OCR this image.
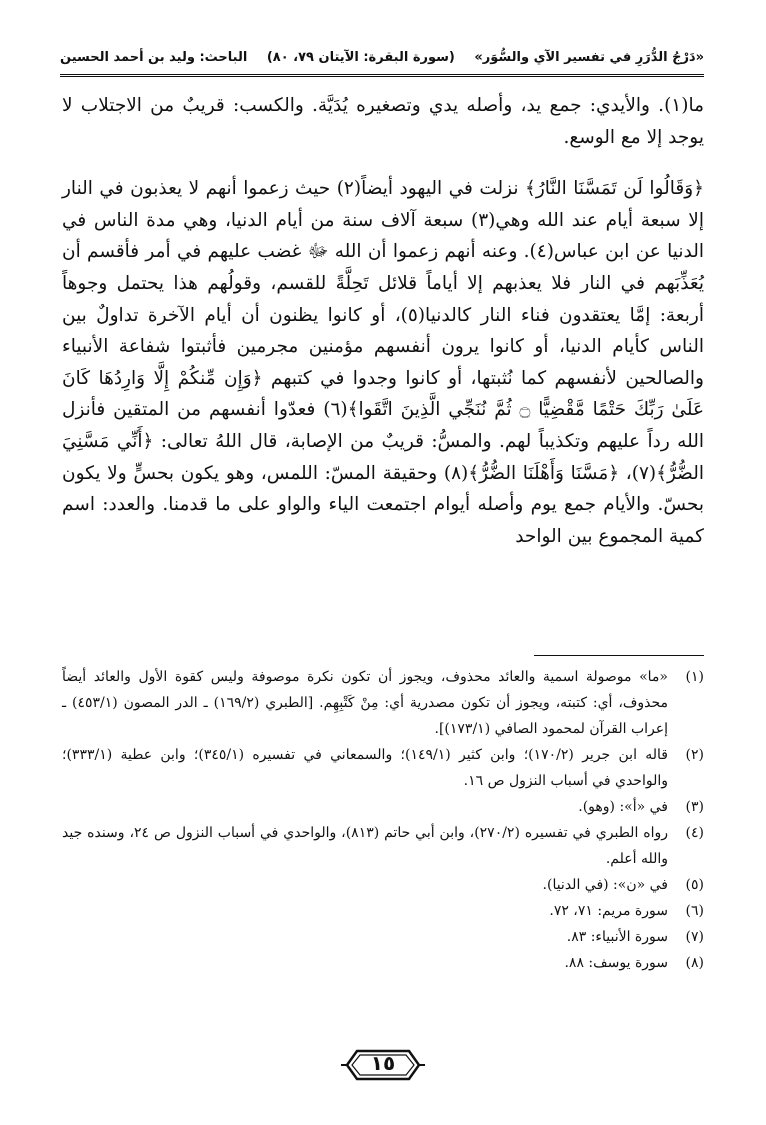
«دَرْجُ الدُّرَرِ في تفسير الآي والسُّوَر»
(سورة البقرة: الآيتان ٧٩، ٨٠)
الباحث: وليد بن أحمد الحسين

ما(١). والأيدي: جمع يد، وأصله يدي وتصغيره يُدَيَّة. والكسب: قريبٌ من الاجتلاب لا يوجد إلا مع الوسع.

﴿وَقَالُوا لَن تَمَسَّنَا النَّارُ﴾ نزلت في اليهود أيضاً(٢) حيث زعموا أنهم لا يعذبون في النار إلا سبعة أيام عند الله وهي(٣) سبعة آلاف سنة من أيام الدنيا، وهي مدة الناس في الدنيا عن ابن عباس(٤). وعنه أنهم زعموا أن الله ﷻ غضب عليهم في أمر فأقسم أن يُعَذِّبَهم في النار فلا يعذبهم إلا أياماً قلائل تَحِلَّةً للقسم، وقولُهم هذا يحتمل وجوهاً أربعة: إمَّا يعتقدون فناء النار كالدنيا(٥)، أو كانوا يظنون أن أيام الآخرة تداولٌ بين الناس كأيام الدنيا، أو كانوا يرون أنفسهم مؤمنين مجرمين فأثبتوا شفاعة الأنبياء والصالحين لأنفسهم كما نُثبتها، أو كانوا وجدوا في كتبهم ﴿وَإِن مِّنكُمْ إِلَّا وَارِدُهَا كَانَ عَلَىٰ رَبِّكَ حَتْمًا مَّقْضِيًّا ۝ ثُمَّ نُنَجِّي الَّذِينَ اتَّقَوا﴾(٦) فعدّوا أنفسهم من المتقين فأنزل الله رداً عليهم وتكذيباً لهم. والمسُّ: قريبٌ من الإصابة، قال اللهُ تعالى: ﴿أَنِّي مَسَّنِيَ الضُّرُّ﴾(٧)، ﴿مَسَّنَا وَأَهْلَنَا الضُّرُّ﴾(٨) وحقيقة المسّ: اللمس، وهو يكون بحسٍّ ولا يكون بحسّ. والأيام جمع يوم وأصله أيوام اجتمعت الياء والواو على ما قدمنا. والعدد: اسم كمية المجموع بين الواحد

(١)
«ما» موصولة اسمية والعائد محذوف، ويجوز أن تكون نكرة موصوفة وليس كقوة الأول والعائد أيضاً محذوف، أي: كتبته، ويجوز أن تكون مصدرية أي: مِنْ كَتْبِهِم. [الطبري (١٦٩/٢) ـ الدر المصون (٤٥٣/١) ـ إعراب القرآن لمحمود الصافي (١٧٣/١)].
(٢)
قاله ابن جرير (١٧٠/٢)؛ وابن كثير (١٤٩/١)؛ والسمعاني في تفسيره (٣٤٥/١)؛ وابن عطية (٣٣٣/١)؛ والواحدي في أسباب النزول ص ١٦.
(٣)
في «أ»: (وهو).
(٤)
رواه الطبري في تفسيره (٢٧٠/٢)، وابن أبي حاتم (٨١٣)، والواحدي في أسباب النزول ص ٢٤، وسنده جيد والله أعلم.
(٥)
في «ن»: (في الدنيا).
(٦)
سورة مريم: ٧١، ٧٢.
(٧)
سورة الأنبياء: ٨٣.
(٨)
سورة يوسف: ٨٨.
١٥
